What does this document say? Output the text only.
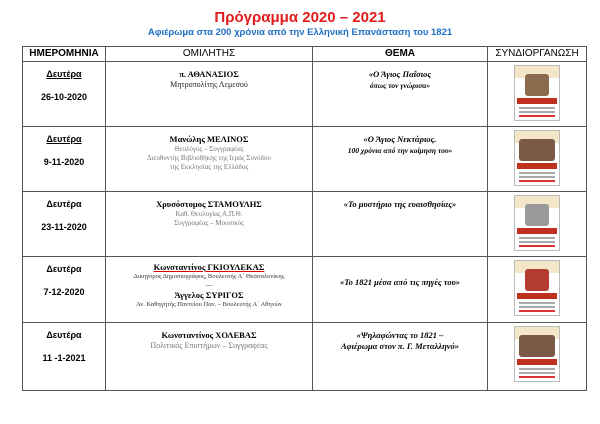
Πρόγραμμα 2020 – 2021
Αφιέρωμα στα 200 χρόνια από την Ελληνική Επανάσταση του 1821
ΗΜΕΡΟΜΗΝΙΑ	ΟΜΙΛΗΤΗΣ	ΘΕΜΑ	ΣΥΝΔΙΟΡΓΑΝΩΣΗ

Δευτέρα
26-10-2020	π. ΑΘΑΝΑΣΙΟΣ
Μητροπολίτης Λεμεσού	«Ο Άγιος Παΐσιος
όπως τον γνώρισα»	

Δευτέρα
9-11-2020	Μανώλης ΜΕΛΙΝΟΣ
Θεολόγος – Συγγραφέας
Διευθυντής Βιβλιοθήκης της Ιεράς Συνόδου
της Εκκλησίας της Ελλάδος	«Ο Άγιος Νεκτάριος.
100 χρόνια από την κοίμηση του»	

Δευτέρα
23-11-2020	Χρυσόστομος ΣΤΑΜΟΥΛΗΣ
Καθ. Θεολογίας Α.Π.Θ.
Συγγραφέας – Μουσικός	«Το μυστήριο της ευαισθησίας»	

Δευτέρα
7-12-2020	Κωνσταντίνος ΓΚΙΟΥΛΕΚΑΣ
Δικηγόρος Δημοσιογράφος, Βουλευτής Α΄ Θεσσαλονίκης
---
Άγγελος ΣΥΡΙΓΟΣ
Αν. Καθηγητής Παντείου Παν. – Βουλευτής Α΄ Αθηνών	«Το 1821 μέσα από τις πηγές του»	

Δευτέρα
11 -1-2021	Κωνσταντίνος ΧΟΛΕΒΑΣ
Πολιτικός Επιστήμων – Συγγραφέας	«Ψηλαφώντας το 1821 –
Αφιέρωμα στον π. Γ. Μεταλληνό»	
